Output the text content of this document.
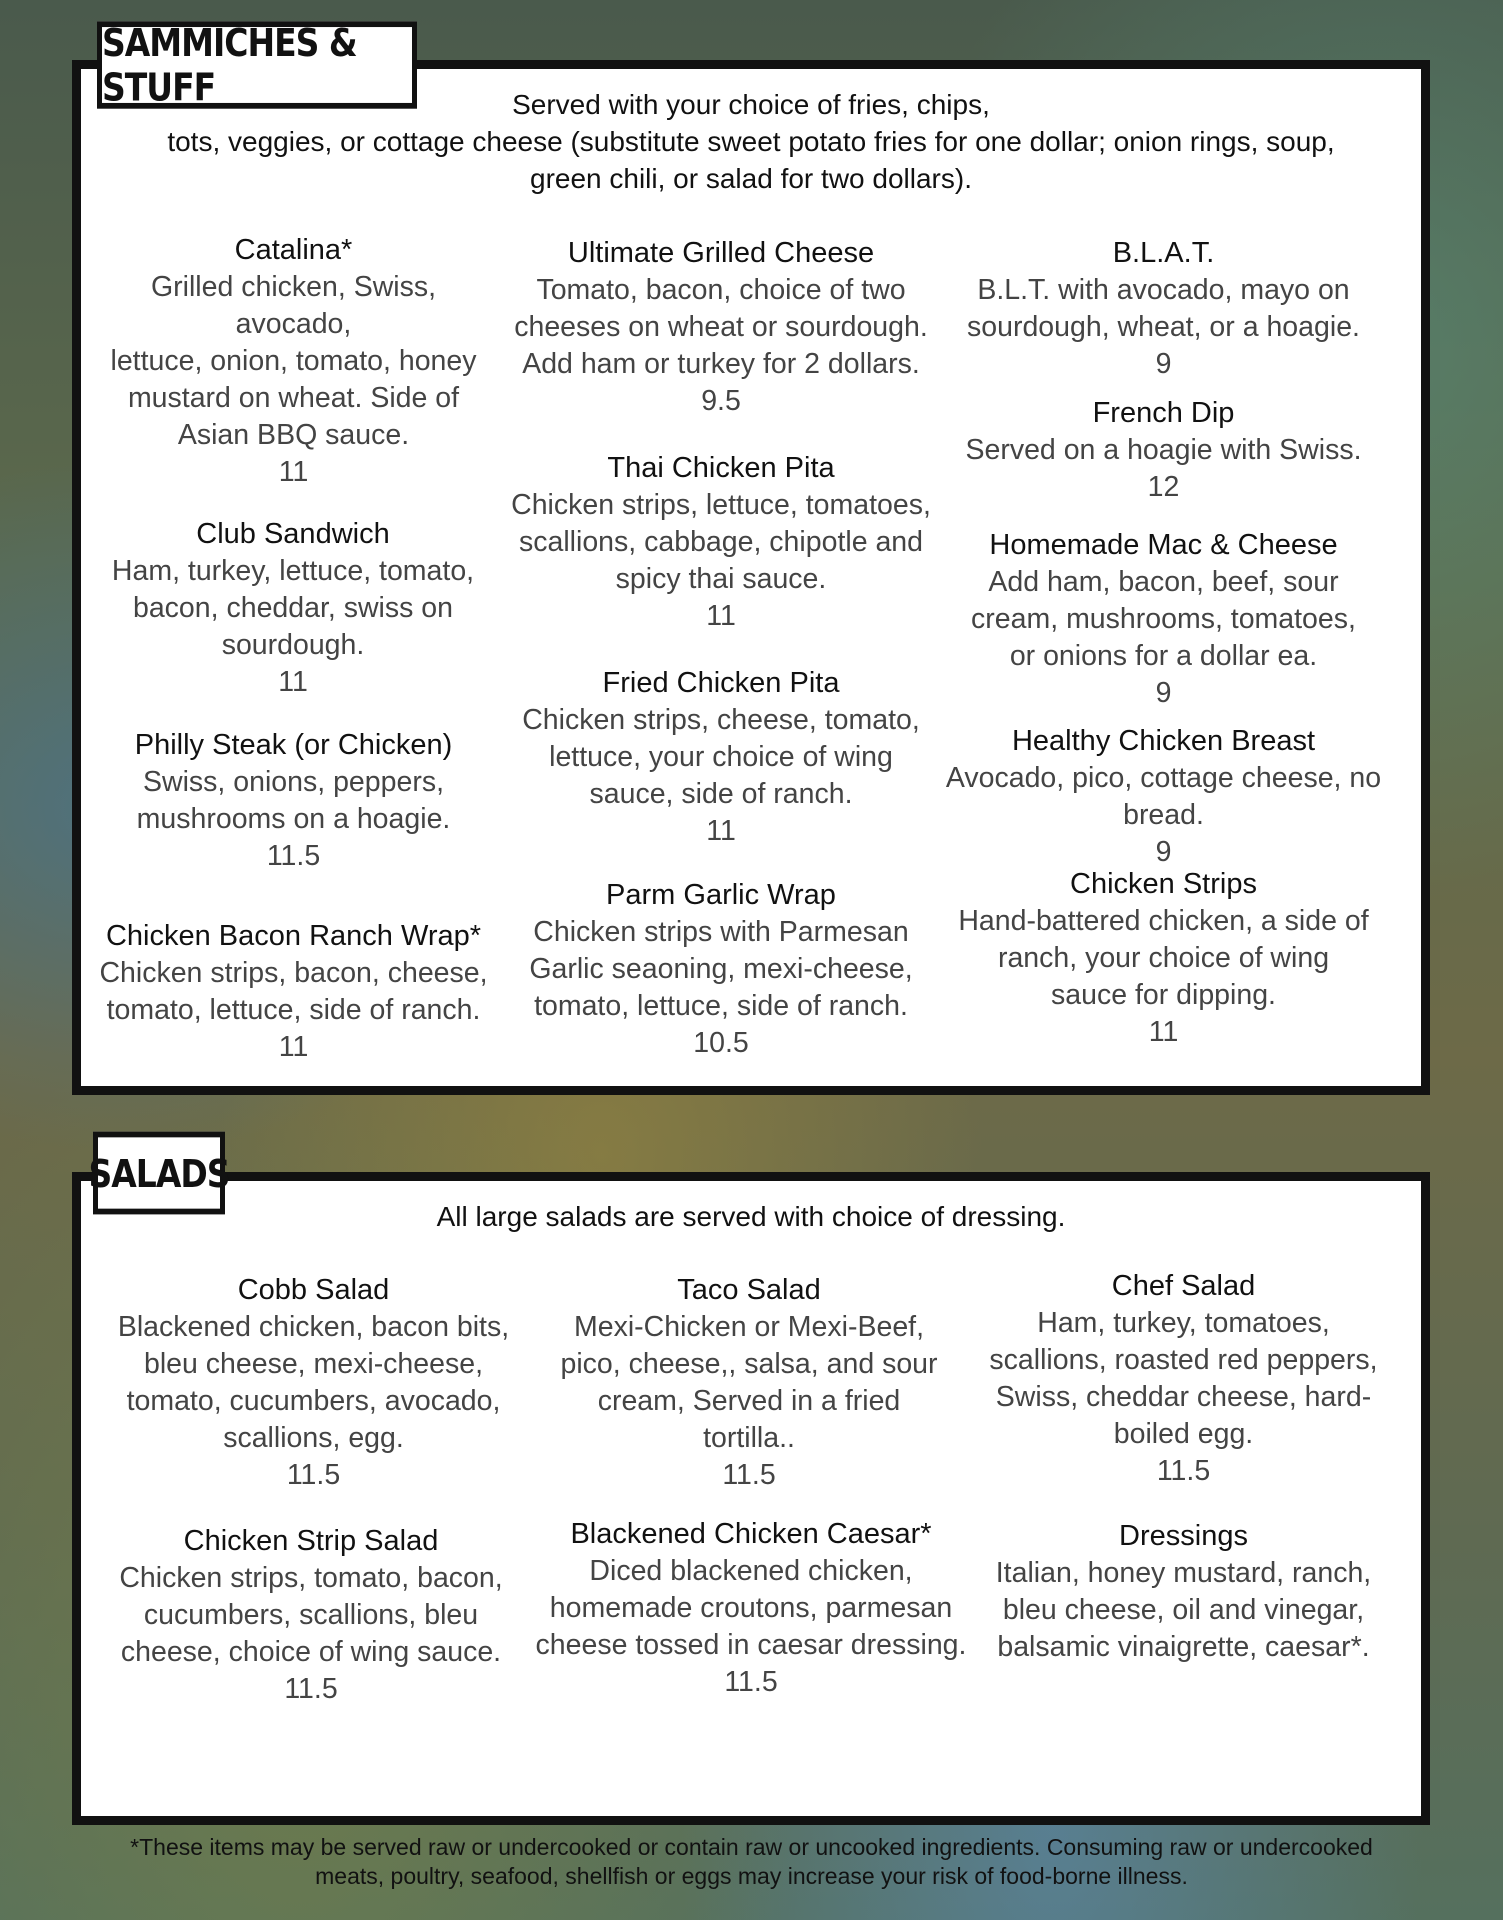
Served with your choice of fries, chips,
tots, veggies, or cottage cheese (substitute sweet potato fries for one dollar; onion rings, soup,
green chili, or salad for two dollars).
Catalina*
Grilled chicken, Swiss, avocado,
lettuce, onion, tomato, honey mustard on wheat. Side of Asian BBQ sauce.
11
Club Sandwich
Ham, turkey, lettuce, tomato, bacon, cheddar, swiss on sourdough.
11
Philly Steak (or Chicken)
Swiss, onions, peppers, mushrooms on a hoagie.
11.5
Chicken Bacon Ranch Wrap*
Chicken strips, bacon, cheese, tomato, lettuce, side of ranch.
11
Ultimate Grilled Cheese
Tomato, bacon, choice of two cheeses on wheat or sourdough. Add ham or turkey for 2 dollars.
9.5
Thai Chicken Pita
Chicken strips, lettuce, tomatoes, scallions, cabbage, chipotle and spicy thai sauce.
11
Fried Chicken Pita
Chicken strips, cheese, tomato, lettuce, your choice of wing sauce, side of ranch.
11
Parm Garlic Wrap
Chicken strips with Parmesan Garlic seaoning, mexi-cheese, tomato, lettuce, side of ranch.
10.5
B.L.A.T.
B.L.T. with avocado, mayo on sourdough, wheat, or a hoagie.
9
French Dip
Served on a hoagie with Swiss.
12
Homemade Mac & Cheese
Add ham, bacon, beef, sour cream, mushrooms, tomatoes, or onions for a dollar ea.
9
Healthy Chicken Breast
Avocado, pico, cottage cheese, no bread.
9
Chicken Strips
Hand-battered chicken, a side of ranch, your choice of wing sauce for dipping.
11
SAMMICHES & STUFF
All large salads are served with choice of dressing.
Cobb Salad
Blackened chicken, bacon bits, bleu cheese, mexi-cheese, tomato, cucumbers, avocado, scallions, egg.
11.5
Chicken Strip Salad
Chicken strips, tomato, bacon, cucumbers, scallions, bleu cheese, choice of wing sauce.
11.5
Taco Salad
Mexi-Chicken or Mexi-Beef, pico, cheese,, salsa, and sour cream, Served in a fried tortilla..
11.5
Blackened Chicken Caesar*
Diced blackened chicken, homemade croutons, parmesan cheese tossed in caesar dressing.
11.5
Chef Salad
Ham, turkey, tomatoes, scallions, roasted red peppers, Swiss, cheddar cheese, hard-boiled egg.
11.5
Dressings
Italian, honey mustard, ranch, bleu cheese, oil and vinegar, balsamic vinaigrette, caesar*.
SALADS
*These items may be served raw or undercooked or contain raw or uncooked ingredients. Consuming raw or undercooked meats, poultry, seafood, shellfish or eggs may increase your risk of food-borne illness.
